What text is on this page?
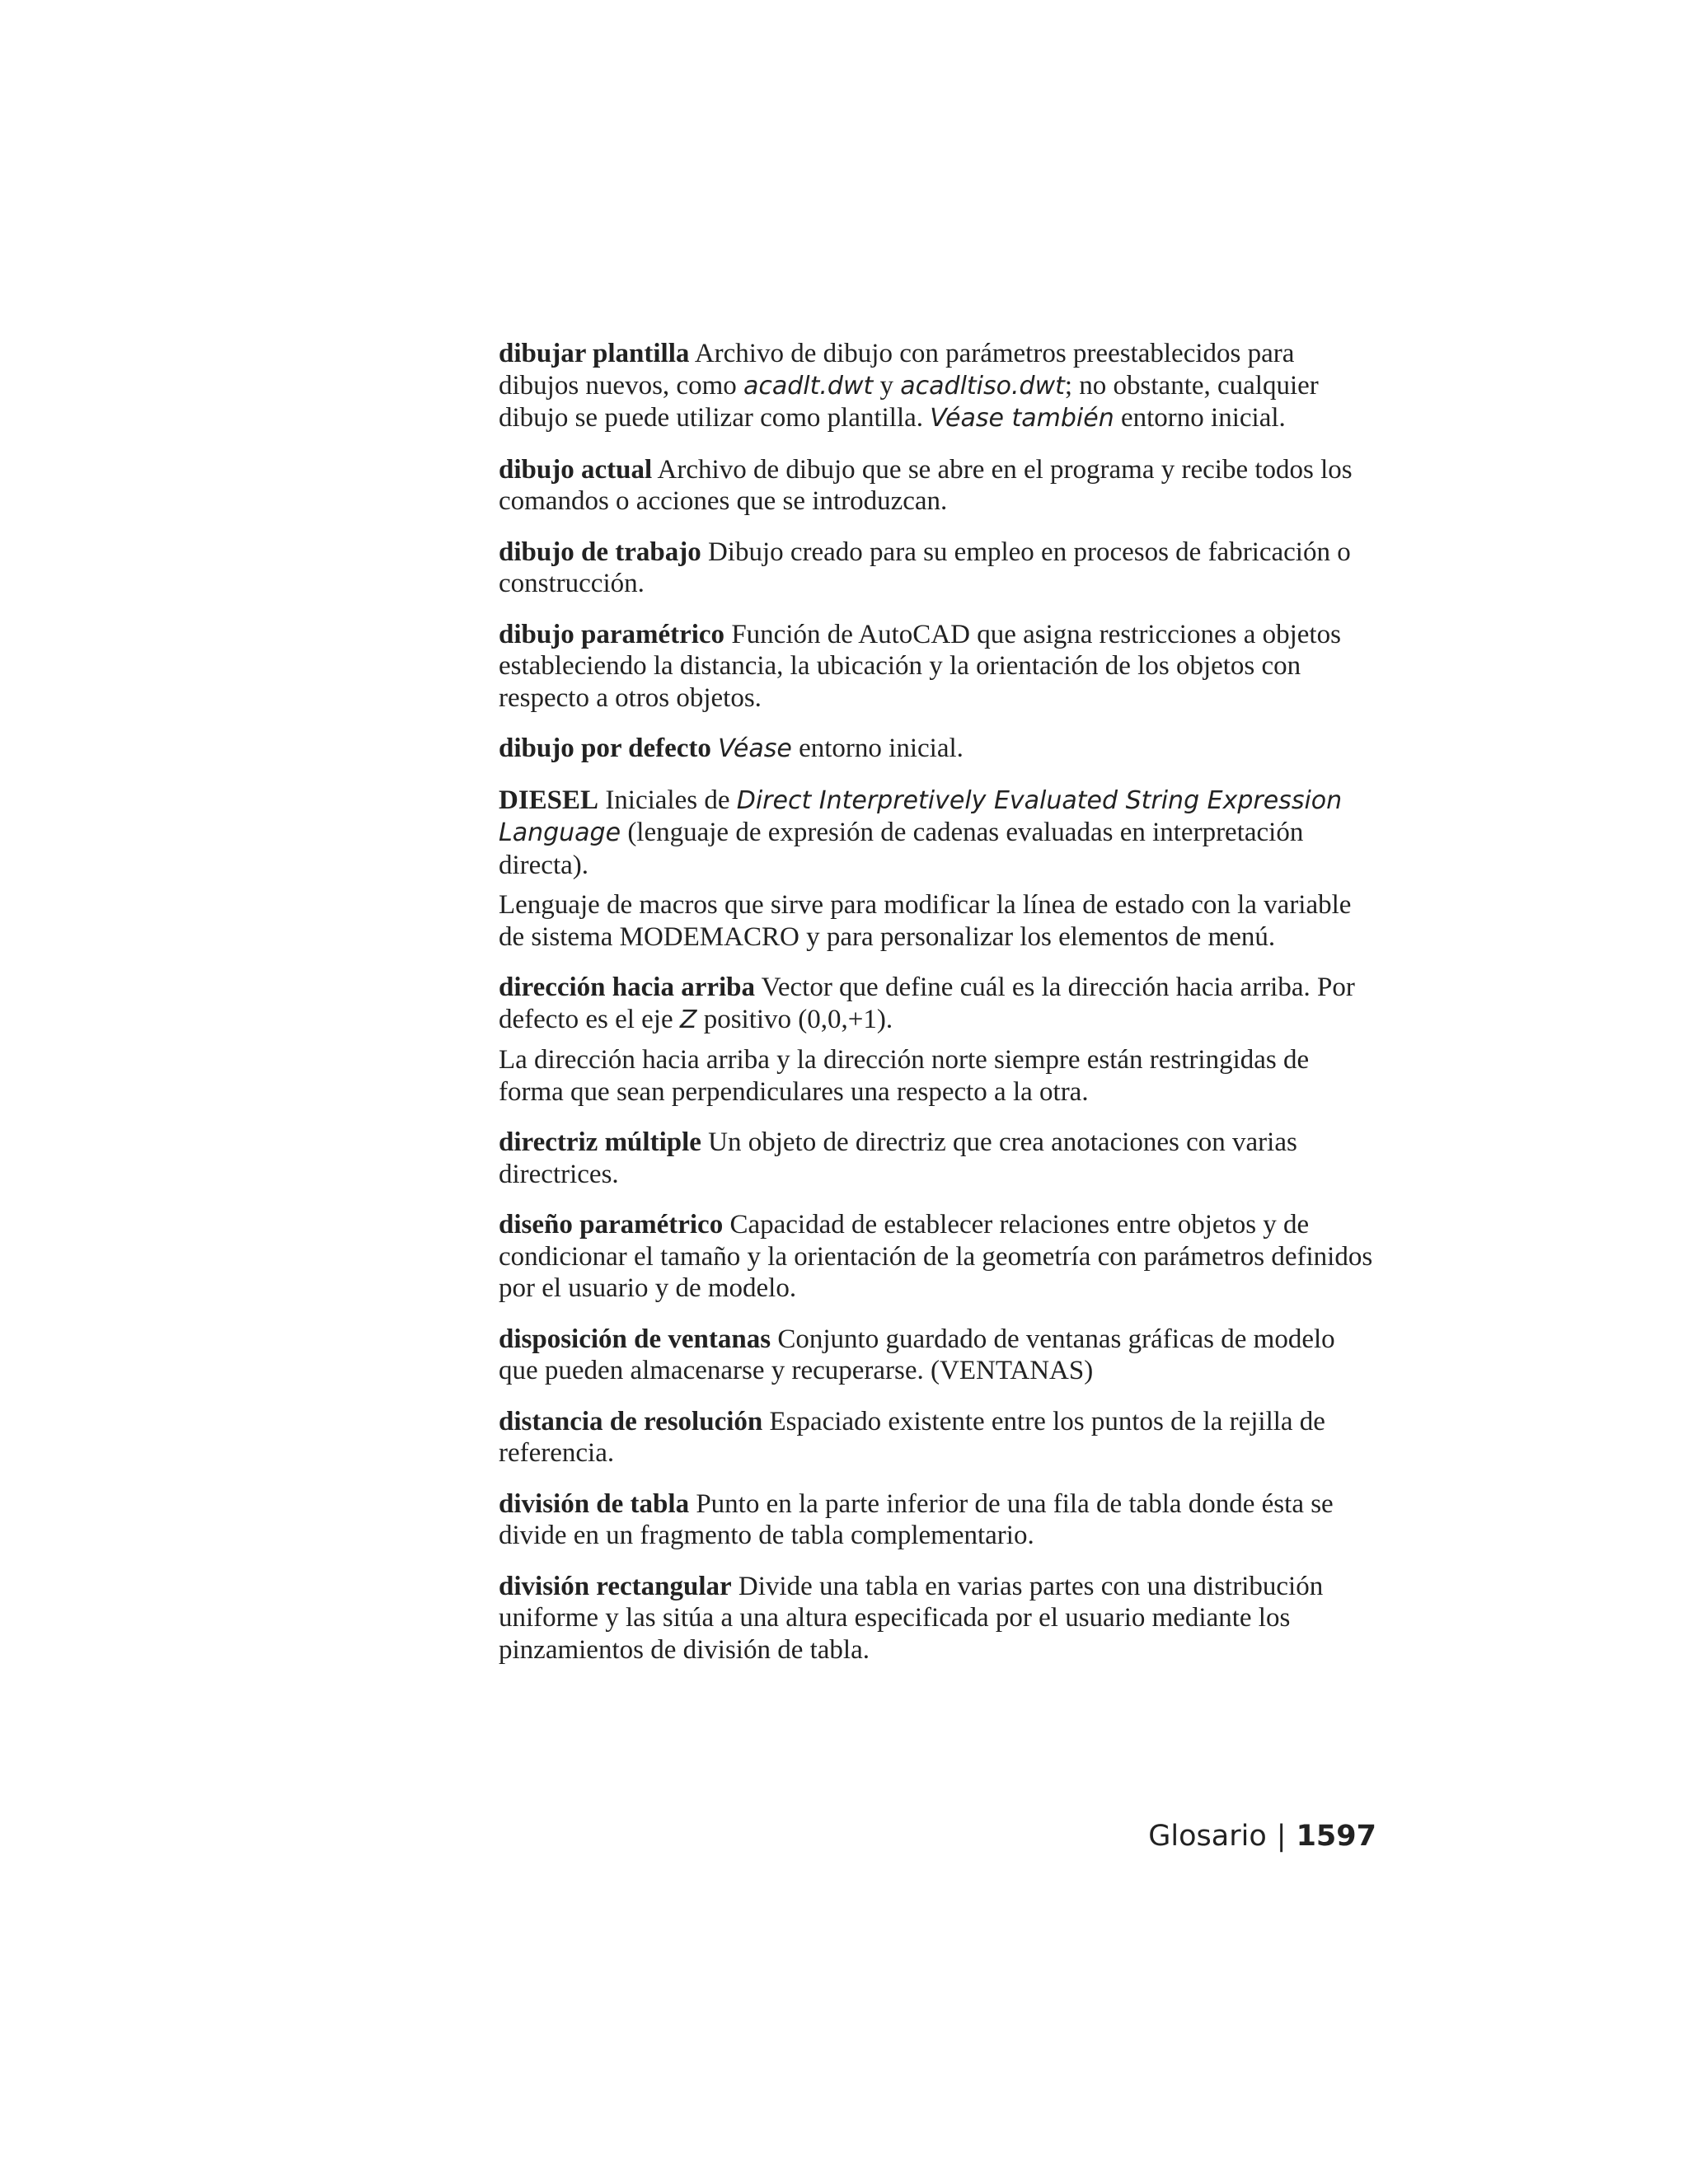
dibujar plantilla Archivo de dibujo con parámetros preestablecidos para dibujos nuevos, como acadlt.dwt y acadltiso.dwt; no obstante, cualquier dibujo se puede utilizar como plantilla. Véase también entorno inicial.

dibujo actual Archivo de dibujo que se abre en el programa y recibe todos los comandos o acciones que se introduzcan.

dibujo de trabajo Dibujo creado para su empleo en procesos de fabricación o construcción.

dibujo paramétrico Función de AutoCAD que asigna restricciones a objetos estableciendo la distancia, la ubicación y la orientación de los objetos con respecto a otros objetos.

dibujo por defecto Véase entorno inicial.

DIESEL Iniciales de Direct Interpretively Evaluated String Expression Language (lenguaje de expresión de cadenas evaluadas en interpretación directa).

Lenguaje de macros que sirve para modificar la línea de estado con la variable de sistema MODEMACRO y para personalizar los elementos de menú.

dirección hacia arriba Vector que define cuál es la dirección hacia arriba. Por defecto es el eje Z positivo (0,0,+1).

La dirección hacia arriba y la dirección norte siempre están restringidas de forma que sean perpendiculares una respecto a la otra.

directriz múltiple Un objeto de directriz que crea anotaciones con varias directrices.

diseño paramétrico Capacidad de establecer relaciones entre objetos y de condicionar el tamaño y la orientación de la geometría con parámetros definidos por el usuario y de modelo.

disposición de ventanas Conjunto guardado de ventanas gráficas de modelo que pueden almacenarse y recuperarse. (VENTANAS)

distancia de resolución Espaciado existente entre los puntos de la rejilla de referencia.

división de tabla Punto en la parte inferior de una fila de tabla donde ésta se divide en un fragmento de tabla complementario.

división rectangular Divide una tabla en varias partes con una distribución uniforme y las sitúa a una altura especificada por el usuario mediante los pinzamientos de división de tabla.

Glosario | 1597
